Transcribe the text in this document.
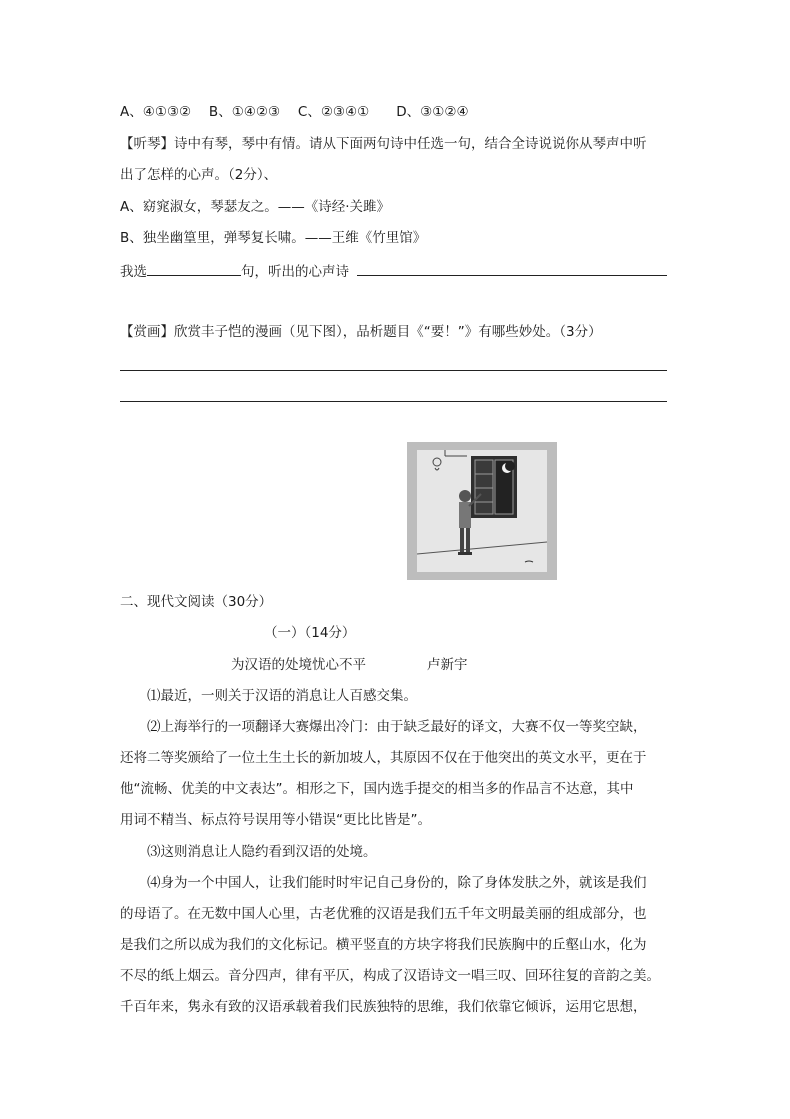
A、④①③②　 B、①④②③　 C、②③④①　　D、③①②④
【听琴】诗中有琴，琴中有情。请从下面两句诗中任选一句，结合全诗说说你从琴声中听
出了怎样的心声。（2分）、
A、窈窕淑女，琴瑟友之。——《诗经·关雎》
B、独坐幽篁里，弹琴复长啸。——王维《竹里馆》
我选	句，听出的心声诗
【赏画】欣赏丰子恺的漫画（见下图），品析题目《“要！”》有哪些妙处。（3分）
二、现代文阅读（30分）
（一）（14分）
为汉语的处境忧心不平	卢新宇
⑴最近，一则关于汉语的消息让人百感交集。
⑵上海举行的一项翻译大赛爆出冷门：由于缺乏最好的译文，大赛不仅一等奖空缺，
还将二等奖颁给了一位土生土长的新加坡人，其原因不仅在于他突出的英文水平，更在于
他“流畅、优美的中文表达”。相形之下，国内选手提交的相当多的作品言不达意，其中
用词不精当、标点符号误用等小错误“更比比皆是”。
⑶这则消息让人隐约看到汉语的处境。
⑷身为一个中国人，让我们能时时牢记自己身份的，除了身体发肤之外，就该是我们
的母语了。在无数中国人心里，古老优雅的汉语是我们五千年文明最美丽的组成部分，也
是我们之所以成为我们的文化标记。横平竖直的方块字将我们民族胸中的丘壑山水，化为
不尽的纸上烟云。音分四声，律有平仄，构成了汉语诗文一唱三叹、回环往复的音韵之美。
千百年来，隽永有致的汉语承载着我们民族独特的思维，我们依靠它倾诉，运用它思想，
